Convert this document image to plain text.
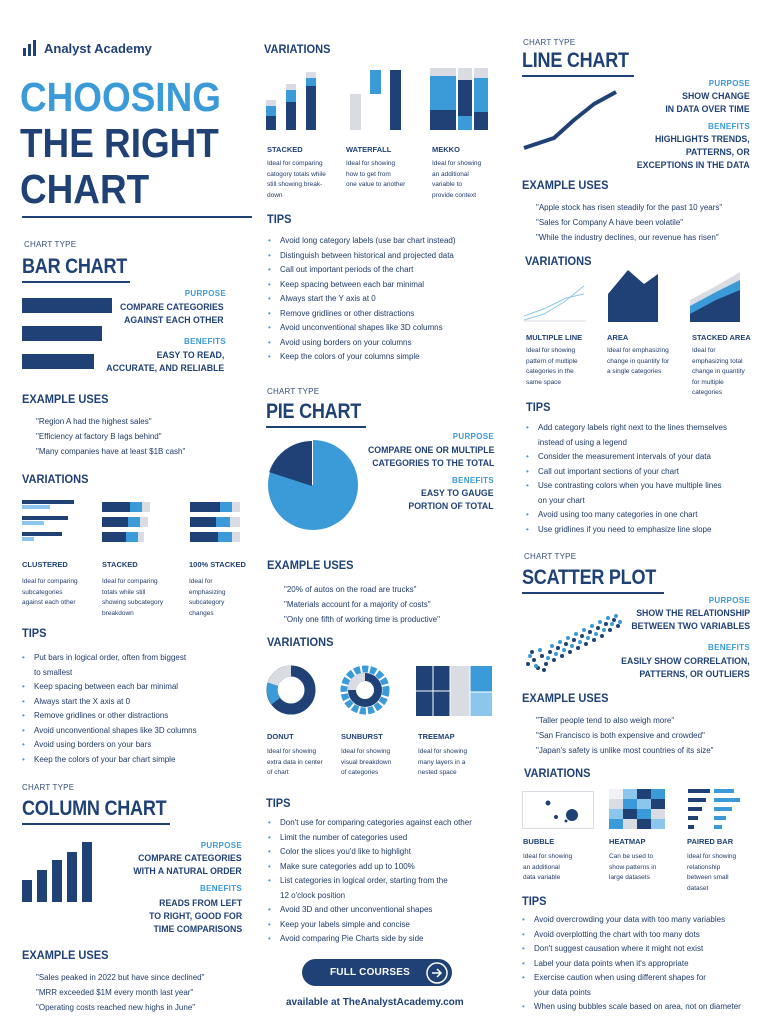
Analyst Academy
CHOOSING
THE RIGHT
CHART
CHART TYPE
BAR CHART
PURPOSE
COMPARE CATEGORIES
AGAINST EACH OTHER
BENEFITS
EASY TO READ,
ACCURATE, AND RELIABLE
EXAMPLE USES
"Region A had the highest sales"
"Efficiency at factory B lags behind"
"Many companies have at least $1B cash"
VARIATIONS
CLUSTERED
Ideal for comparing
subcategories
against each other
STACKED
Ideal for comparing
totals while still
showing subcategory
breakdown
100% STACKED
Ideal for
emphasizing
subcategory
changes
TIPS
• Put bars in logical order, often from biggest
to smallest
• Keep spacing between each bar minimal
• Always start the X axis at 0
• Remove gridlines or other distractions
• Avoid unconventional shapes like 3D columns
• Avoid using borders on your bars
• Keep the colors of your bar chart simple
CHART TYPE
COLUMN CHART
PURPOSE
COMPARE CATEGORIES
WITH A NATURAL ORDER
BENEFITS
READS FROM LEFT
TO RIGHT, GOOD FOR
TIME COMPARISONS
EXAMPLE USES
"Sales peaked in 2022 but have since declined"
"MRR exceeded $1M every month last year"
"Operating costs reached new highs in June"
VARIATIONS
STACKED
Ideal for comparing
catogory totals while
still showing break-
down
WATERFALL
Ideal for showing
how to get from
one value to another
MEKKO
Ideal for showing
an additional
variable to
provide context
TIPS
• Avoid long category labels (use bar chart instead)
• Distinguish between historical and projected data
• Call out important periods of the chart
• Keep spacing between each bar minimal
• Always start the Y axis at 0
• Remove gridlines or other distractions
• Avoid unconventional shapes like 3D columns
• Avoid using borders on your columns
• Keep the colors of your columns simple
CHART TYPE
PIE CHART
PURPOSE
COMPARE ONE OR MULTIPLE
CATEGORIES TO THE TOTAL
BENEFITS
EASY TO GAUGE
PORTION OF TOTAL
EXAMPLE USES
"20% of autos on the road are trucks"
"Materials account for a majority of costs"
"Only one fifth of working time is productive"
VARIATIONS
DONUT
Ideal for showing
extra data in center
of chart
SUNBURST
Ideal for showing
visual breakdown
of categories
TREEMAP
Ideal for showing
many layers in a
nested space
TIPS
• Don't use for comparing categories against each other
• Limit the number of categories used
• Color the slices you'd like to highlight
• Make sure categories add up to 100%
• List categories in logical order, starting from the
12 o'clock position
• Avoid 3D and other unconventional shapes
• Keep your labels simple and concise
• Avoid comparing Pie Charts side by side
FULL COURSES
available at TheAnalystAcademy.com
CHART TYPE
LINE CHART
PURPOSE
SHOW CHANGE
IN DATA OVER TIME
BENEFITS
HIGHLIGHTS TRENDS,
PATTERNS, OR
EXCEPTIONS IN THE DATA
EXAMPLE USES
"Apple stock has risen steadily for the past 10 years"
"Sales for Company A have been volatile"
"While the industry declines, our revenue has risen"
VARIATIONS
MULTIPLE LINE
Ideal for showing
pattern of multiple
categories in the
same space
AREA
Ideal for emphasizing
change in quantity for
a single categories
STACKED AREA
Ideal for
emphasizing total
change in quantity
for multiple
categories
TIPS
• Add category labels right next to the lines themselves
instead of using a legend
• Consider the measurement intervals of your data
• Call out important sections of your chart
• Use contrasting colors when you have multiple lines
on your chart
• Avoid using too many categories in one chart
• Use gridlines if you need to emphasize line slope
CHART TYPE
SCATTER PLOT
PURPOSE
SHOW THE RELATIONSHIP
BETWEEN TWO VARIABLES
BENEFITS
EASILY SHOW CORRELATION,
PATTERNS, OR OUTLIERS
EXAMPLE USES
"Taller people tend to also weigh more"
"San Francisco is both expensive and crowded"
"Japan's safety is unlike most countries of its size"
VARIATIONS
BUBBLE
Ideal for showing
an additional
data variable
HEATMAP
Can be used to
show patterns in
large datasets
PAIRED BAR
Ideal for showing
relationship
between small
dataset
TIPS
• Avoid overcrowding your data with too many variables
• Avoid overplotting the chart with too many dots
• Don't suggest causation where it might not exist
• Label your data points when it's appropriate
• Exercise caution when using different shapes for
your data points
• When using bubbles scale based on area, not on diameter
